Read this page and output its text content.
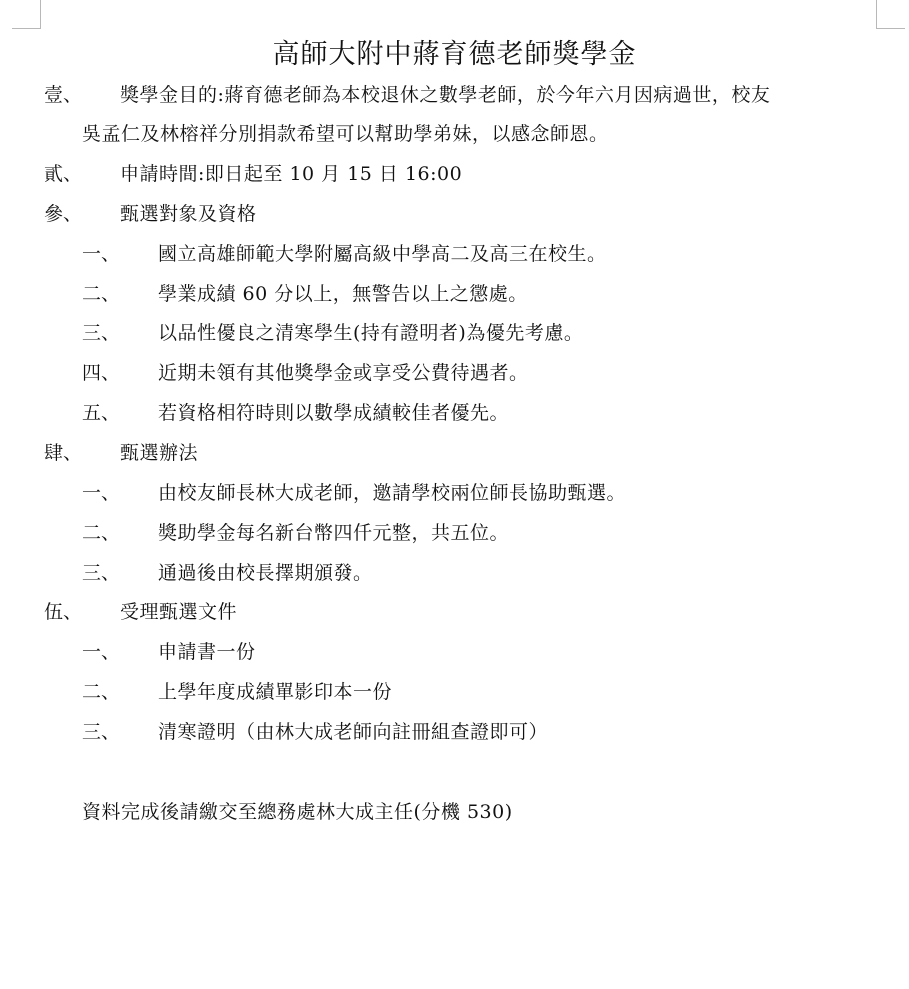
高師大附中蔣育德老師獎學金
壹、 獎學金目的:蔣育德老師為本校退休之數學老師，於今年六月因病過世，校友
吳孟仁及林榕祥分別捐款希望可以幫助學弟妹，以感念師恩。
貳、 申請時間:即日起至 10 月 15 日 16:00
參、 甄選對象及資格
一、 國立高雄師範大學附屬高級中學高二及高三在校生。
二、 學業成績 60 分以上，無警告以上之懲處。
三、 以品性優良之清寒學生(持有證明者)為優先考慮。
四、 近期未領有其他獎學金或享受公費待遇者。
五、 若資格相符時則以數學成績較佳者優先。
肆、 甄選辦法
一、 由校友師長林大成老師，邀請學校兩位師長協助甄選。
二、 獎助學金每名新台幣四仟元整，共五位。
三、 通過後由校長擇期頒發。
伍、 受理甄選文件
一、 申請書一份
二、 上學年度成績單影印本一份
三、 清寒證明（由林大成老師向註冊組查證即可）
資料完成後請繳交至總務處林大成主任(分機 530)
